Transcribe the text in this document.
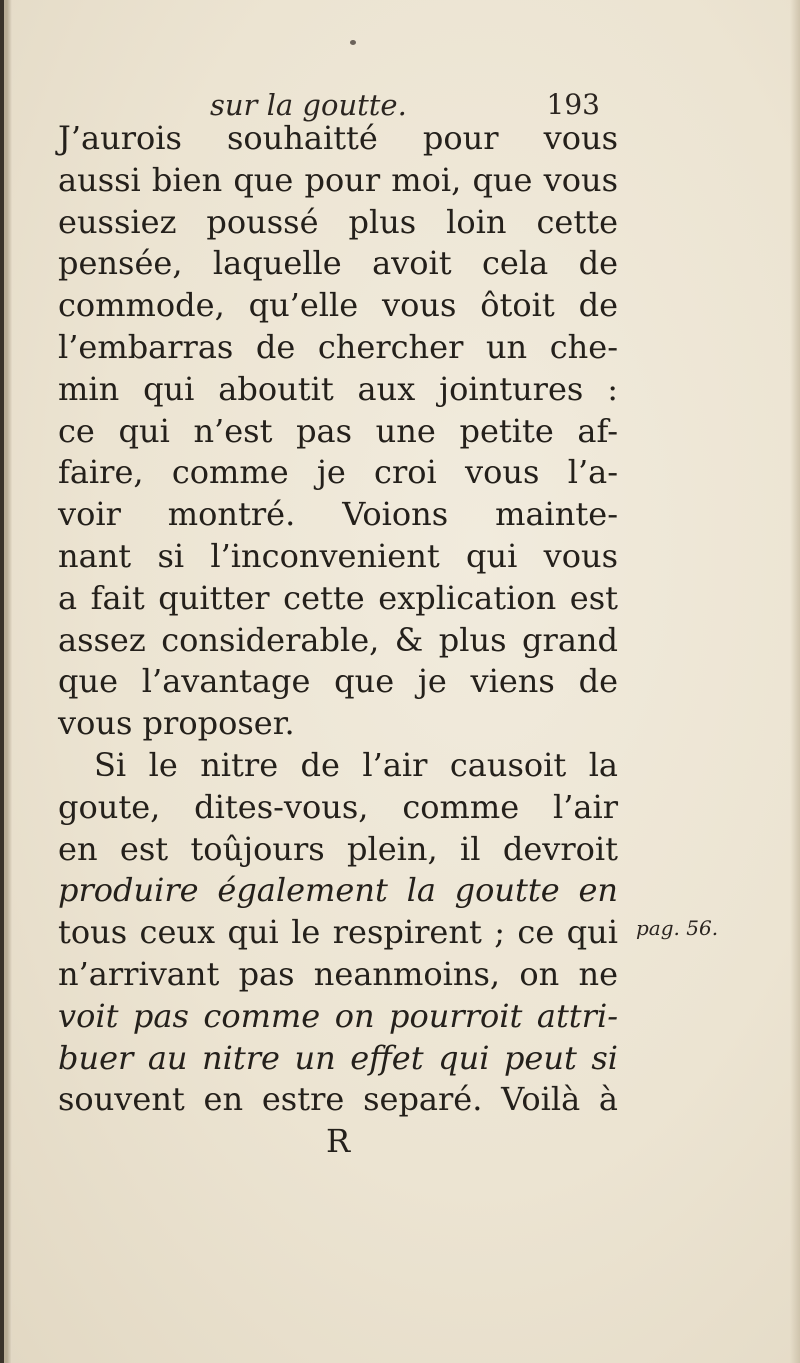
sur la goutte.	193
J’aurois souhaitté pour vous
aussi bien que pour moi, que vous
eussiez poussé plus loin cette
pensée, laquelle avoit cela de
commode, qu’elle vous ôtoit de
l’embarras de chercher un che-
min qui aboutit aux jointures :
ce qui n’est pas une petite af-
faire, comme je croi vous l’a-
voir montré. Voions mainte-
nant si l’inconvenient qui vous
a fait quitter cette explication est
assez considerable, & plus grand
que l’avantage que je viens de
vous proposer.
Si le nitre de l’air causoit la
goute, dites-vous, comme l’air
en est toûjours plein, il devroit
produire également la goutte en
tous ceux qui le respirent ; ce qui
n’arrivant pas neanmoins, on ne
voit pas comme on pourroit attri-
buer au nitre un effet qui peut si
souvent en estre separé. Voilà à
R
pag. 56.
